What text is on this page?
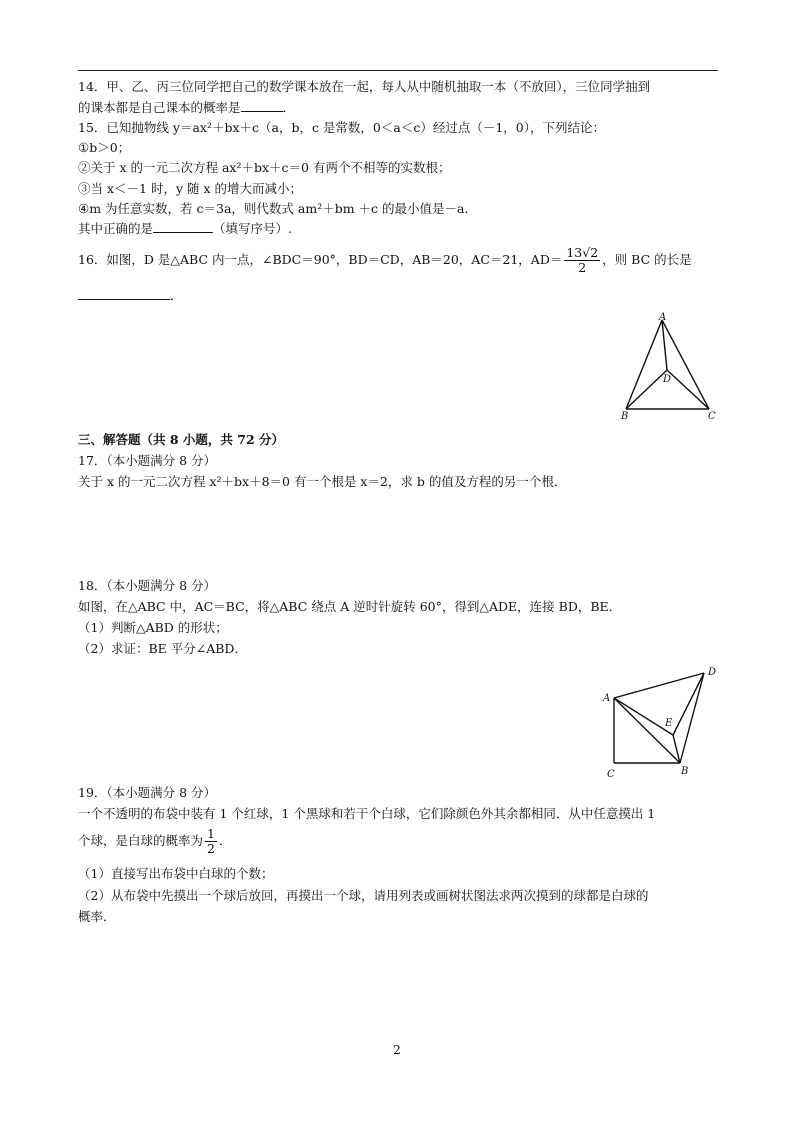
14．甲、乙、丙三位同学把自己的数学课本放在一起，每人从中随机抽取一本（不放回），三位同学抽到
的课本都是自己课本的概率是	．
15．已知抛物线 y＝ax²＋bx＋c（a，b，c 是常数，0＜a＜c）经过点（－1，0），下列结论：
①b＞0；
②关于 x 的一元二次方程 ax²＋bx＋c＝0 有两个不相等的实数根；
③当 x＜－1 时，y 随 x 的增大而减小；
④m 为任意实数，若 c＝3a，则代数式 am²＋bm ＋c 的最小值是－a．
其中正确的是	（填写序号）.
16．如图，D 是△ABC 内一点，∠BDC＝90°，BD＝CD，AB＝20，AC＝21，$AD= \frac{13√2}{2}$ ，则 BC 的长是
．
A
B	C
D
三、解答题（共 8 小题，共 72 分）
17．（本小题满分 8 分）
关于 x 的一元二次方程 x²＋bx＋8＝0 有一个根是 x＝2，求 b 的值及方程的另一个根．
18．（本小题满分 8 分）
如图，在△ABC 中，AC＝BC，将△ABC 绕点 A 逆时针旋转 60°，得到△ADE，连接 BD，BE．
（1）判断△ABD 的形状；
（2）求证：BE 平分∠ABD．
A
C	B
D
E
19．（本小题满分 8 分）
一个不透明的布袋中装有 1 个红球，1 个黑球和若干个白球，它们除颜色外其余都相同．从中任意摸出 1
个球，是白球的概率为 $\frac{1}{2}$ ．
（1）直接写出布袋中白球的个数；
（2）从布袋中先摸出一个球后放回，再摸出一个球，请用列表或画树状图法求两次摸到的球都是白球的
概率．
2
